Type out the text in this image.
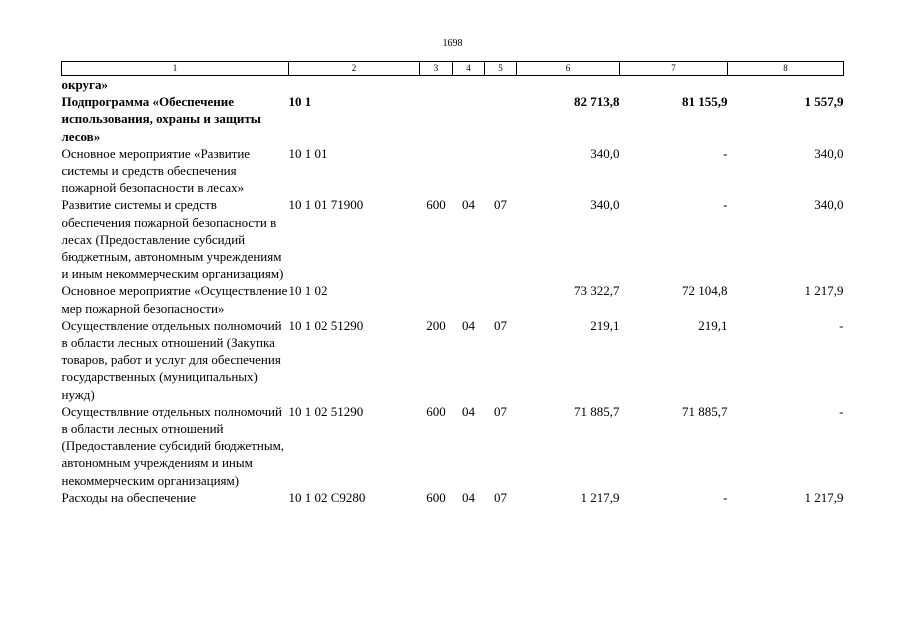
1698
1	2	3	4	5	6	7	8
округа»							
Подпрограмма «Обеспечение использования, охраны и защиты лесов»	10 1				82 713,8	81 155,9	1 557,9
Основное мероприятие «Развитие системы и средств обеспечения пожарной безопасности в лесах»	10 1 01				340,0	-	340,0
Развитие системы и средств обеспечения пожарной безопасности в лесах (Предоставление субсидий бюджетным, автономным учреждениям и иным некоммерческим организациям)	10 1 01 71900	600	04	07	340,0	-	340,0
Основное мероприятие «Осуществление мер пожарной безопасности»	10 1 02				73 322,7	72 104,8	1 217,9
Осуществление отдельных полномочий в области лесных отношений (Закупка товаров, работ и услуг для обеспечения государственных (муниципальных) нужд)	10 1 02 51290	200	04	07	219,1	219,1	-
Осуществлвние отдельных полномочий в области лесных отношений (Предоставление субсидий бюджетным, автономным учреждениям и иным некоммерческим организациям)	10 1 02 51290	600	04	07	71 885,7	71 885,7	-
Расходы на обеспечение	10 1 02 С9280	600	04	07	1 217,9	-	1 217,9
